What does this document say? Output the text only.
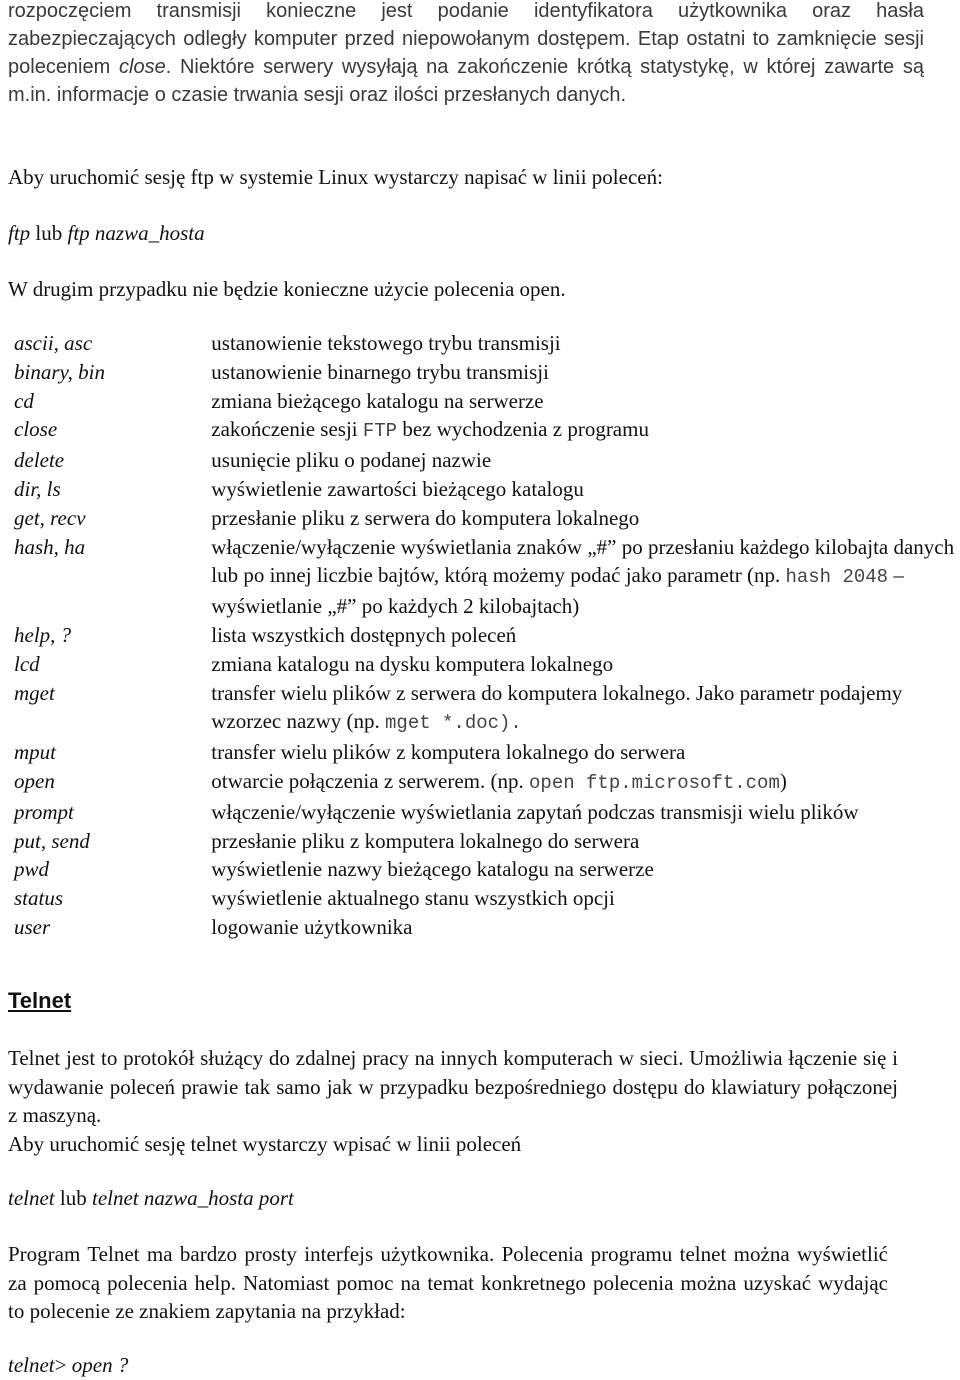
rozpoczęciem transmisji konieczne jest podanie identyfikatora użytkownika oraz hasła zabezpieczających odległy komputer przed niepowołanym dostępem. Etap ostatni to zamknięcie sesji poleceniem close. Niektóre serwery wysyłają na zakończenie krótką statystykę, w której zawarte są m.in. informacje o czasie trwania sesji oraz ilości przesłanych danych.

Aby uruchomić sesję ftp w systemie Linux wystarczy napisać w linii poleceń:

ftp lub ftp nazwa_hosta

W drugim przypadku nie będzie konieczne użycie polecenia open.

ascii, asc	ustanowienie tekstowego trybu transmisji
binary, bin	ustanowienie binarnego trybu transmisji
cd	zmiana bieżącego katalogu na serwerze
close	zakończenie sesji FTP bez wychodzenia z programu
delete	usunięcie pliku o podanej nazwie
dir, ls	wyświetlenie zawartości bieżącego katalogu
get, recv	przesłanie pliku z serwera do komputera lokalnego
hash, ha	włączenie/wyłączenie wyświetlania znaków „#” po przesłaniu każdego kilobajta danych lub po innej liczbie bajtów, którą możemy podać jako parametr (np. hash 2048 – wyświetlanie „#” po każdych 2 kilobajtach)
help, ?	lista wszystkich dostępnych poleceń
lcd	zmiana katalogu na dysku komputera lokalnego
mget	transfer wielu plików z serwera do komputera lokalnego. Jako parametr podajemy wzorzec nazwy (np. mget *.doc).
mput	transfer wielu plików z komputera lokalnego do serwera
open	otwarcie połączenia z serwerem. (np. open ftp.microsoft.com)
prompt	włączenie/wyłączenie wyświetlania zapytań podczas transmisji wielu plików
put, send	przesłanie pliku z komputera lokalnego do serwera
pwd	wyświetlenie nazwy bieżącego katalogu na serwerze
status	wyświetlenie aktualnego stanu wszystkich opcji
user	logowanie użytkownika
Telnet

Telnet jest to protokół służący do zdalnej pracy na innych komputerach w sieci. Umożliwia łączenie się i wydawanie poleceń prawie tak samo jak w przypadku bezpośredniego dostępu do klawiatury połączonej z maszyną.

Aby uruchomić sesję telnet wystarczy wpisać w linii poleceń

telnet lub telnet nazwa_hosta port

Program Telnet ma bardzo prosty interfejs użytkownika. Polecenia programu telnet można wyświetlić za pomocą polecenia help. Natomiast pomoc na temat konkretnego polecenia można uzyskać wydając to polecenie ze znakiem zapytania na przykład:

telnet> open ?
